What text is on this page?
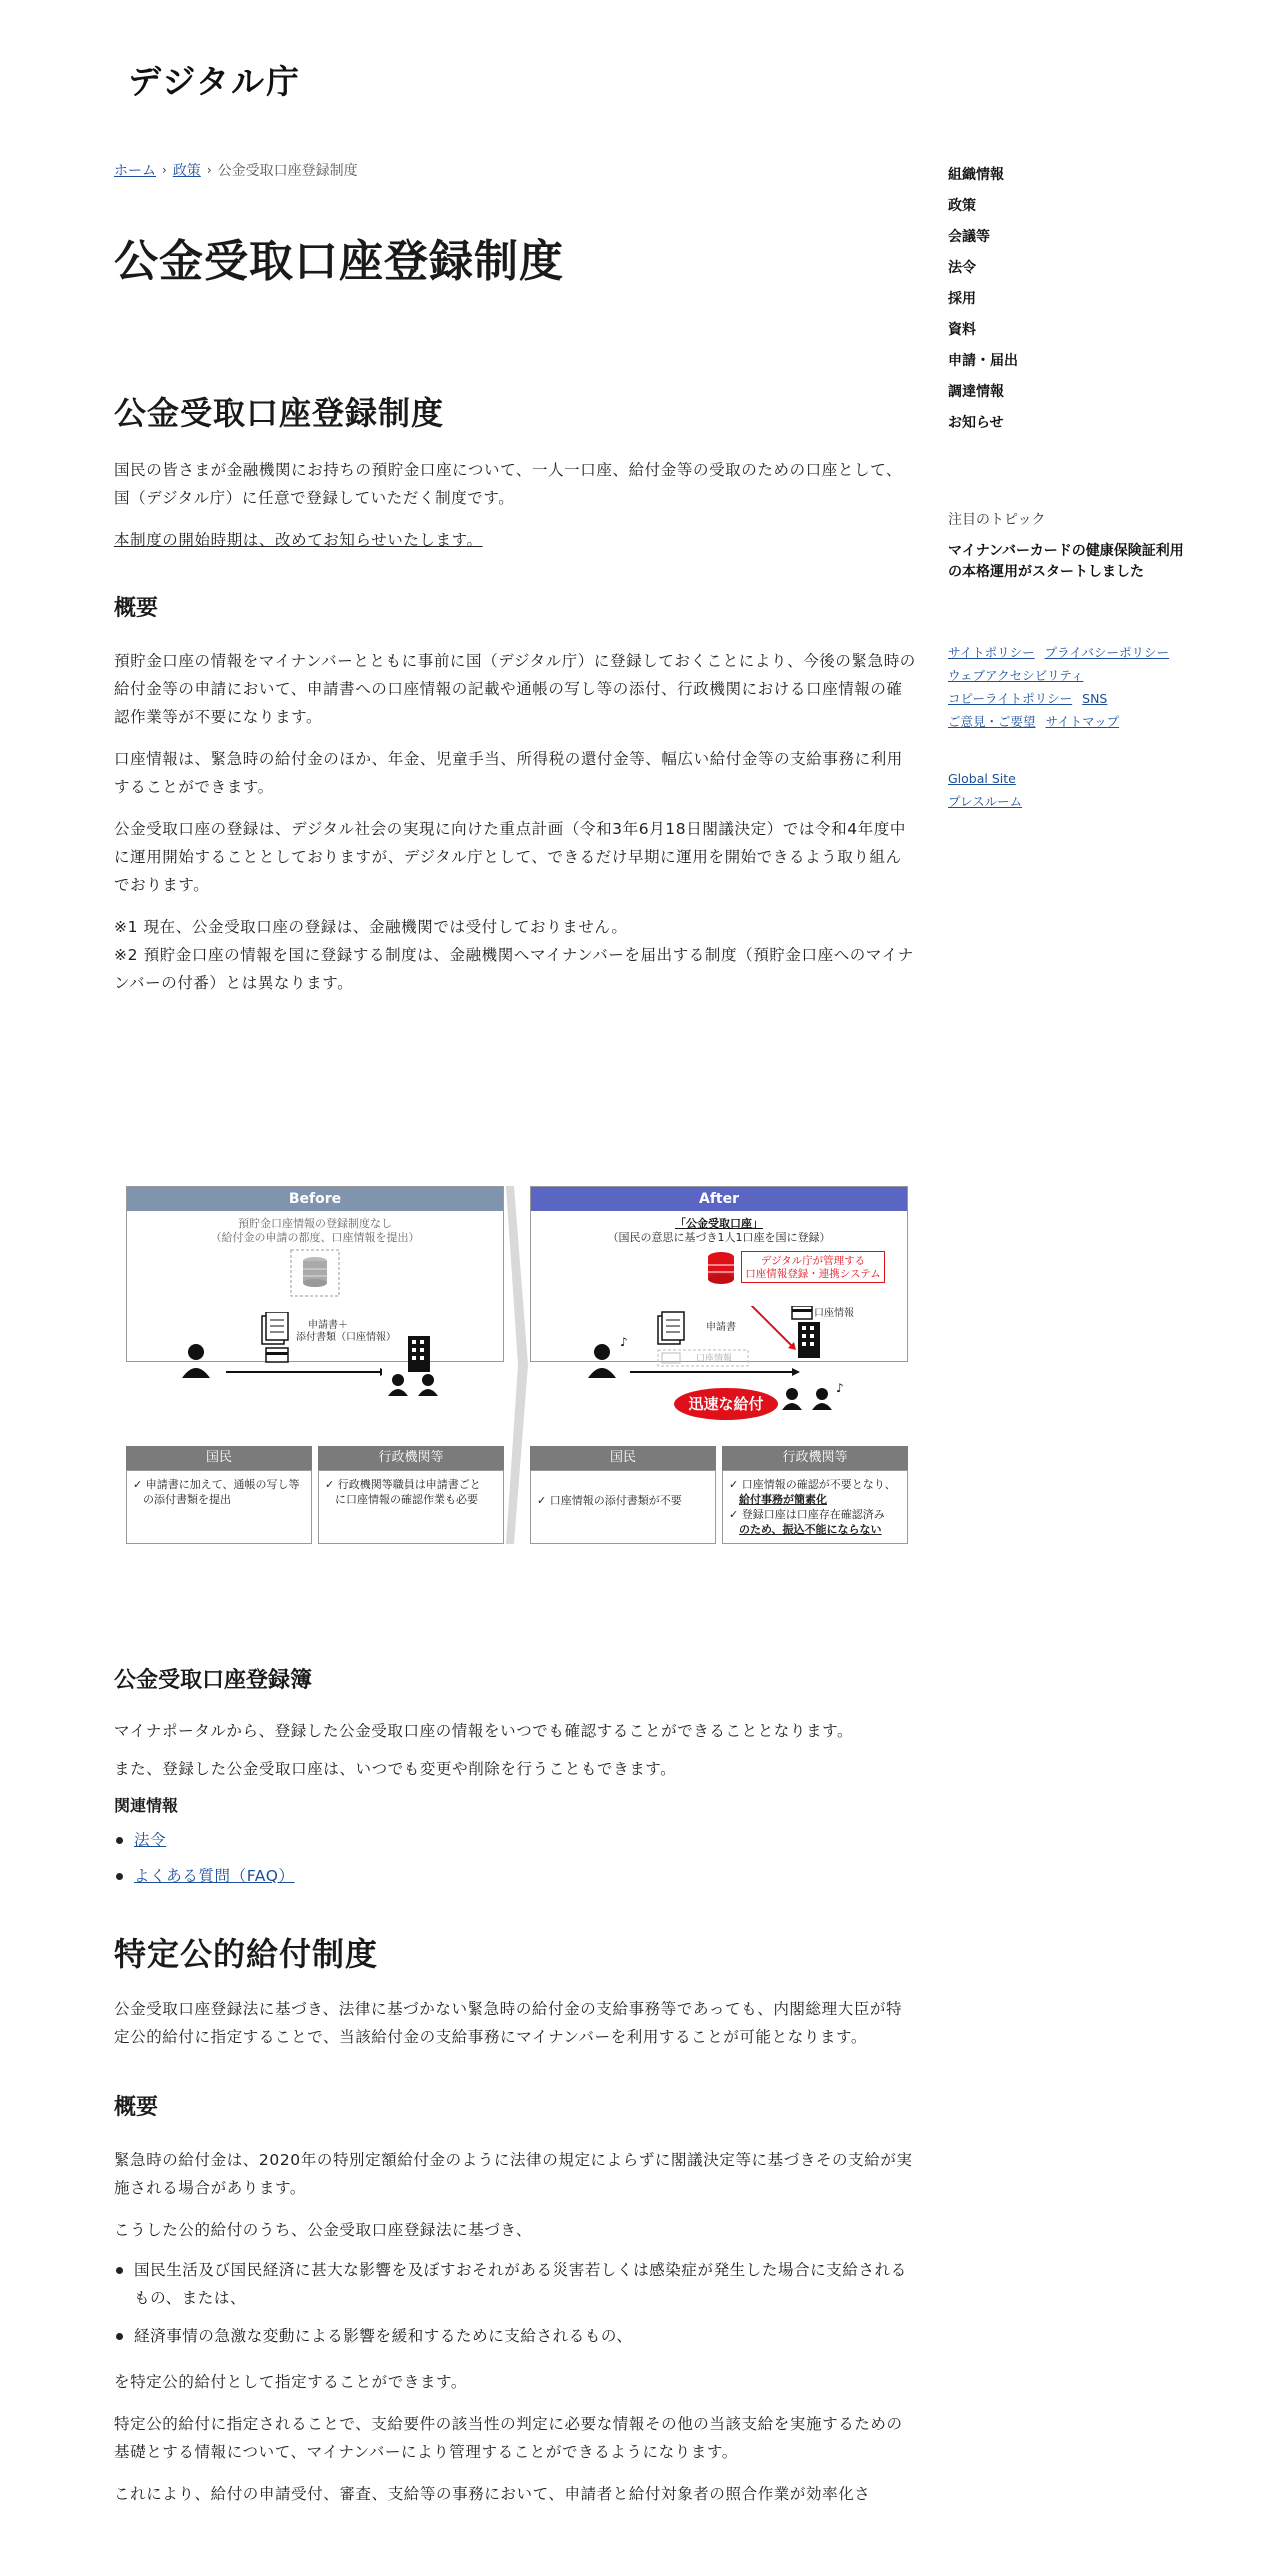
デジタル庁
ホーム › 政策 › 公金受取口座登録制度
公金受取口座登録制度
公金受取口座登録制度

国民の皆さまが金融機関にお持ちの預貯金口座について、一人一口座、給付金等の受取のための口座として、国（デジタル庁）に任意で登録していただく制度です。

本制度の開始時期は、改めてお知らせいたします。

概要

預貯金口座の情報をマイナンバーとともに事前に国（デジタル庁）に登録しておくことにより、今後の緊急時の給付金等の申請において、申請書への口座情報の記載や通帳の写し等の添付、行政機関における口座情報の確認作業等が不要になります。

口座情報は、緊急時の給付金のほか、年金、児童手当、所得税の還付金等、幅広い給付金等の支給事務に利用することができます。

公金受取口座の登録は、デジタル社会の実現に向けた重点計画（令和3年6月18日閣議決定）では令和4年度中に運用開始することとしておりますが、デジタル庁として、できるだけ早期に運用を開始できるよう取り組んでおります。

※1 現在、公金受取口座の登録は、金融機関では受付しておりません。

※2 預貯金口座の情報を国に登録する制度は、金融機関へマイナンバーを届出する制度（預貯金口座へのマイナンバーの付番）とは異なります。

Before
預貯金口座情報の登録制度なし
（給付金の申請の都度、口座情報を提出）
申請書＋
添付書類（口座情報）
国民	行政機関等
✓ 申請書に加えて、通帳の写し等
の添付書類を提出
✓ 行政機関等職員は申請書ごと
に口座情報の確認作業も必要
After
「公金受取口座」
（国民の意思に基づき1人1口座を国に登録）
デジタル庁が管理する
口座情報登録・連携システム
♪
♪
申請書
口座情報
口座情報
迅速な給付
国民	行政機関等
✓ 口座情報の添付書類が不要
✓ 口座情報の確認が不要となり、
給付事務が簡素化
✓ 登録口座は口座存在確認済み
のため、振込不能にならない
公金受取口座登録簿

マイナポータルから、登録した公金受取口座の情報をいつでも確認することができることとなります。

また、登録した公金受取口座は、いつでも変更や削除を行うこともできます。

関連情報

法令
よくある質問（FAQ）
特定公的給付制度

公金受取口座登録法に基づき、法律に基づかない緊急時の給付金の支給事務等であっても、内閣総理大臣が特定公的給付に指定することで、当該給付金の支給事務にマイナンバーを利用することが可能となります。

概要

緊急時の給付金は、2020年の特別定額給付金のように法律の規定によらずに閣議決定等に基づきその支給が実施される場合があります。

こうした公的給付のうち、公金受取口座登録法に基づき、

国民生活及び国民経済に甚大な影響を及ぼすおそれがある災害若しくは感染症が発生した場合に支給されるもの、または、
経済事情の急激な変動による影響を緩和するために支給されるもの、

を特定公的給付として指定することができます。

特定公的給付に指定されることで、支給要件の該当性の判定に必要な情報その他の当該支給を実施するための基礎とする情報について、マイナンバーにより管理することができるようになります。

これにより、給付の申請受付、審査、支給等の事務において、申請者と給付対象者の照合作業が効率化さ

組織情報
政策
会議等
法令
採用
資料
申請・届出
調達情報
お知らせ
注目のトピック
マイナンバーカードの健康保険証利用の本格運用がスタートしました
サイトポリシー プライバシーポリシー
ウェブアクセシビリティ
コピーライトポリシー SNS
ご意見・ご要望 サイトマップ
Global Site
プレスルーム
